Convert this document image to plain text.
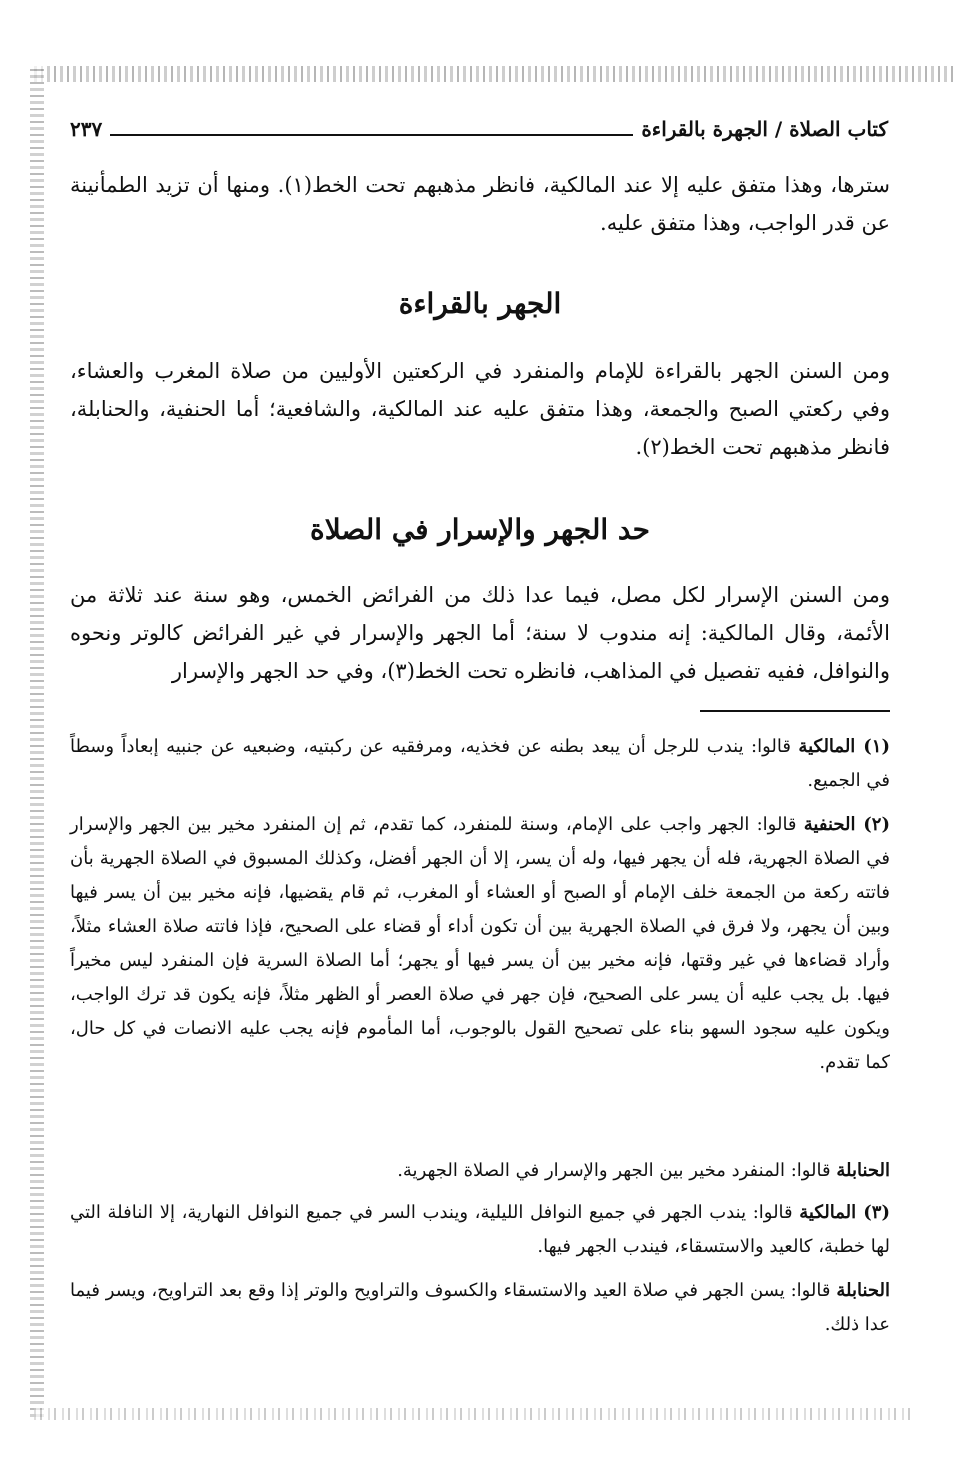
كتاب الصلاة / الجهرة بالقراءة
٢٣٧

سترها، وهذا متفق عليه إلا عند المالكية، فانظر مذهبهم تحت الخط(١). ومنها أن تزيد الطمأنينة عن قدر الواجب، وهذا متفق عليه.

الجهر بالقراءة

ومن السنن الجهر بالقراءة للإمام والمنفرد في الركعتين الأوليين من صلاة المغرب والعشاء، وفي ركعتي الصبح والجمعة، وهذا متفق عليه عند المالكية، والشافعية؛ أما الحنفية، والحنابلة، فانظر مذهبهم تحت الخط(٢).

حد الجهر والإسرار في الصلاة

ومن السنن الإسرار لكل مصل، فيما عدا ذلك من الفرائض الخمس، وهو سنة عند ثلاثة من الأئمة، وقال المالكية: إنه مندوب لا سنة؛ أما الجهر والإسرار في غير الفرائض كالوتر ونحوه والنوافل، ففيه تفصيل في المذاهب، فانظره تحت الخط(٣)، وفي حد الجهر والإسرار

(١) المالكية قالوا: يندب للرجل أن يبعد بطنه عن فخذيه، ومرفقيه عن ركبتيه، وضبعيه عن جنبيه إبعاداً وسطاً في الجميع.

(٢) الحنفية قالوا: الجهر واجب على الإمام، وسنة للمنفرد، كما تقدم، ثم إن المنفرد مخير بين الجهر والإسرار في الصلاة الجهرية، فله أن يجهر فيها، وله أن يسر، إلا أن الجهر أفضل، وكذلك المسبوق في الصلاة الجهرية بأن فاتته ركعة من الجمعة خلف الإمام أو الصبح أو العشاء أو المغرب، ثم قام يقضيها، فإنه مخير بين أن يسر فيها وبين أن يجهر، ولا فرق في الصلاة الجهرية بين أن تكون أداء أو قضاء على الصحيح، فإذا فاتته صلاة العشاء مثلاً، وأراد قضاءها في غير وقتها، فإنه مخير بين أن يسر فيها أو يجهر؛ أما الصلاة السرية فإن المنفرد ليس مخيراً فيها. بل يجب عليه أن يسر على الصحيح، فإن جهر في صلاة العصر أو الظهر مثلاً، فإنه يكون قد ترك الواجب، ويكون عليه سجود السهو بناء على تصحيح القول بالوجوب، أما المأموم فإنه يجب عليه الانصات في كل حال، كما تقدم.

الحنابلة قالوا: المنفرد مخير بين الجهر والإسرار في الصلاة الجهرية.

(٣) المالكية قالوا: يندب الجهر في جميع النوافل الليلية، ويندب السر في جميع النوافل النهارية، إلا النافلة التي لها خطبة، كالعيد والاستسقاء، فيندب الجهر فيها.

الحنابلة قالوا: يسن الجهر في صلاة العيد والاستسقاء والكسوف والتراويح والوتر إذا وقع بعد التراويح، ويسر فيما عدا ذلك.
